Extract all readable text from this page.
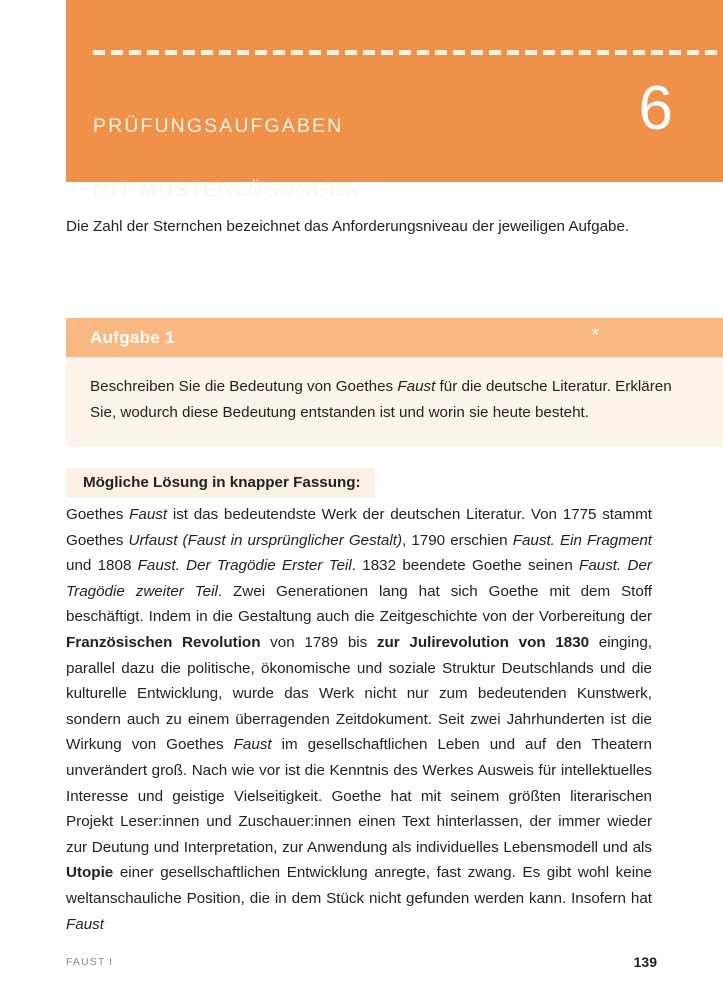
PRÜFUNGSAUFGABEN

MIT MUSTERLÖSUNGEN

6
Die Zahl der Sternchen bezeichnet das Anforderungsniveau der jeweiligen Aufgabe.
Aufgabe 1	*
Beschreiben Sie die Bedeutung von Goethes Faust für die deutsche Literatur. Erklären Sie, wodurch diese Bedeutung entstanden ist und worin sie heute besteht.
Mögliche Lösung in knapper Fassung:
Goethes Faust ist das bedeutendste Werk der deutschen Literatur. Von 1775 stammt Goethes Urfaust (Faust in ursprünglicher Gestalt), 1790 erschien Faust. Ein Fragment und 1808 Faust. Der Tragödie Erster Teil. 1832 beendete Goethe seinen Faust. Der Tragödie zweiter Teil. Zwei Generationen lang hat sich Goethe mit dem Stoff beschäftigt. Indem in die Gestaltung auch die Zeitgeschichte von der Vorbereitung der Französischen Revolution von 1789 bis zur Julirevolution von 1830 einging, parallel dazu die politische, ökonomische und soziale Struktur Deutschlands und die kulturelle Entwicklung, wurde das Werk nicht nur zum bedeutenden Kunstwerk, sondern auch zu einem überragenden Zeitdokument. Seit zwei Jahrhunderten ist die Wirkung von Goethes Faust im gesellschaftlichen Leben und auf den Theatern unverändert groß. Nach wie vor ist die Kenntnis des Werkes Ausweis für intellektuelles Interesse und geistige Vielseitigkeit. Goethe hat mit seinem größten literarischen Projekt Leser:innen und Zuschauer:innen einen Text hinterlassen, der immer wieder zur Deutung und Interpretation, zur Anwendung als individuelles Lebensmodell und als Utopie einer gesellschaftlichen Entwicklung anregte, fast zwang. Es gibt wohl keine weltanschauliche Position, die in dem Stück nicht gefunden werden kann. Insofern hat Faust
FAUST I	139
